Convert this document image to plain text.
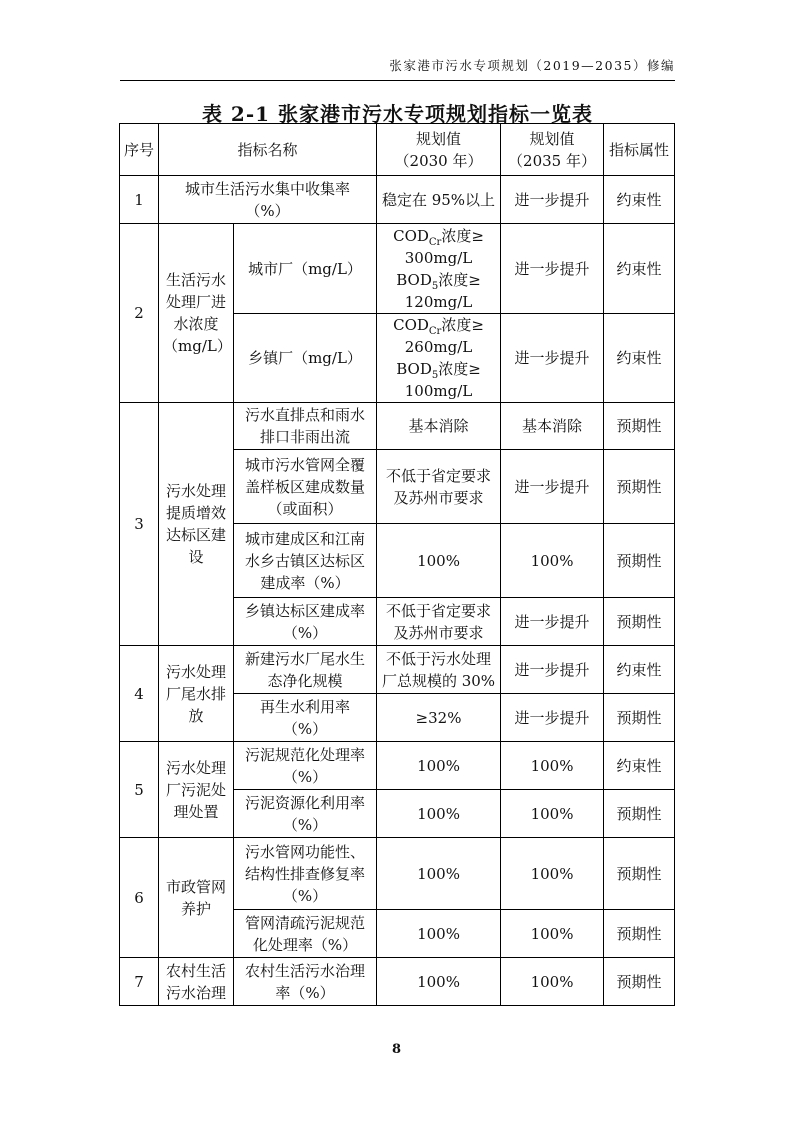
张家港市污水专项规划（2019—2035）修编
表 2-1 张家港市污水专项规划指标一览表
序号	指标名称		规划值
（2030 年）	规划值
（2035 年）	指标属性
1	城市生活污水集中收集率
（%）		稳定在 95%以上	进一步提升	约束性
2	生活污水
处理厂进
水浓度
（mg/L）	城市厂（mg/L）	$COD_{Cr}$浓度≥
300mg/L
$BOD_5$浓度≥
120mg/L	进一步提升	约束性
		乡镇厂（mg/L）	$COD_{Cr}$浓度≥
260mg/L
$BOD_5$浓度≥
100mg/L	进一步提升	约束性
3	污水处理
提质增效
达标区建
设	污水直排点和雨水
排口非雨出流	基本消除	基本消除	预期性
		城市污水管网全覆
盖样板区建成数量
（或面积）	不低于省定要求
及苏州市要求	进一步提升	预期性
		城市建成区和江南
水乡古镇区达标区
建成率（%）	100%	100%	预期性
		乡镇达标区建成率
（%）	不低于省定要求
及苏州市要求	进一步提升	预期性
4	污水处理
厂尾水排
放	新建污水厂尾水生
态净化规模	不低于污水处理
厂总规模的 30%	进一步提升	约束性
		再生水利用率
（%）	≥32%	进一步提升	预期性
5	污水处理
厂污泥处
理处置	污泥规范化处理率
（%）	100%	100%	约束性
		污泥资源化利用率
（%）	100%	100%	预期性
6	市政管网
养护	污水管网功能性、
结构性排查修复率
（%）	100%	100%	预期性
		管网清疏污泥规范
化处理率（%）	100%	100%	预期性
7	农村生活
污水治理	农村生活污水治理
率（%）	100%	100%	预期性
8
